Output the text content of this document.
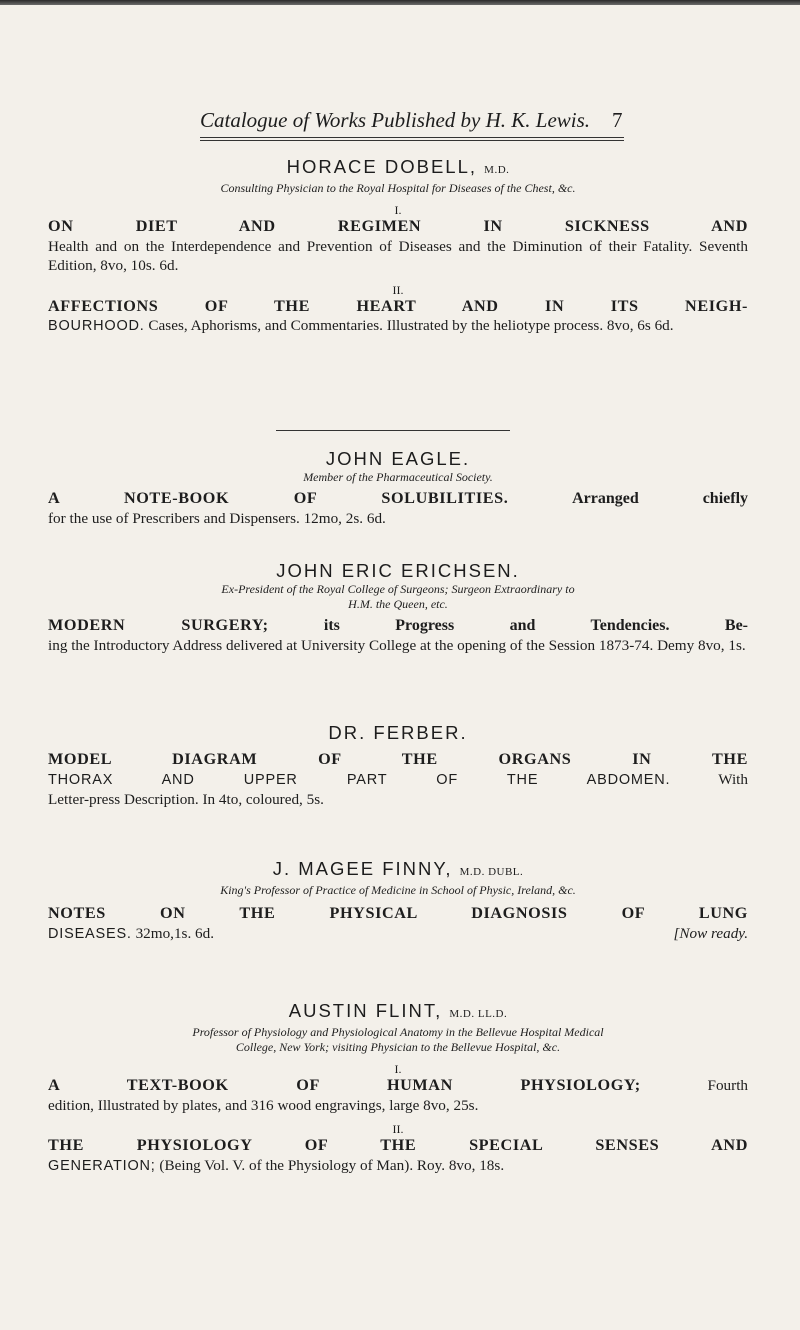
Catalogue of Works Published by H. K. Lewis. 7
HORACE DOBELL, M.D.
Consulting Physician to the Royal Hospital for Diseases of the Chest, &c.
I.
ON DIET AND REGIMEN IN SICKNESS AND
Health and on the Interdependence and Prevention of Diseases and the Diminution of their Fatality. Seventh Edition, 8vo, 10s. 6d.
II.
AFFECTIONS OF THE HEART AND IN ITS NEIGH-
BOURHOOD. Cases, Aphorisms, and Commentaries. Illustrated by the heliotype process. 8vo, 6s 6d.
JOHN EAGLE.
Member of the Pharmaceutical Society.
A NOTE-BOOK OF SOLUBILITIES.	Arranged chiefly
for the use of Prescribers and Dispensers. 12mo, 2s. 6d.
JOHN ERIC ERICHSEN.
Ex-President of the Royal College of Surgeons; Surgeon Extraordinary to
H.M. the Queen, etc.
MODERN SURGERY;	its Progress and Tendencies. Be-
ing the Introductory Address delivered at University College at the opening of the Session 1873-74. Demy 8vo, 1s.
DR. FERBER.
MODEL DIAGRAM OF THE ORGANS IN THE
THORAX AND UPPER PART OF THE ABDOMEN.	With
Letter-press Description. In 4to, coloured, 5s.
J. MAGEE FINNY, M.D. DUBL.
King's Professor of Practice of Medicine in School of Physic, Ireland, &c.
NOTES ON THE PHYSICAL DIAGNOSIS OF LUNG
DISEASES. 32mo,1s. 6d.	[Now ready.
AUSTIN FLINT, M.D. LL.D.
Professor of Physiology and Physiological Anatomy in the Bellevue Hospital Medical
College, New York; visiting Physician to the Bellevue Hospital, &c.
I.
A TEXT-BOOK OF HUMAN PHYSIOLOGY;	Fourth
edition, Illustrated by plates, and 316 wood engravings, large 8vo, 25s.
II.
THE PHYSIOLOGY OF THE SPECIAL SENSES AND
GENERATION; (Being Vol. V. of the Physiology of Man). Roy. 8vo, 18s.
